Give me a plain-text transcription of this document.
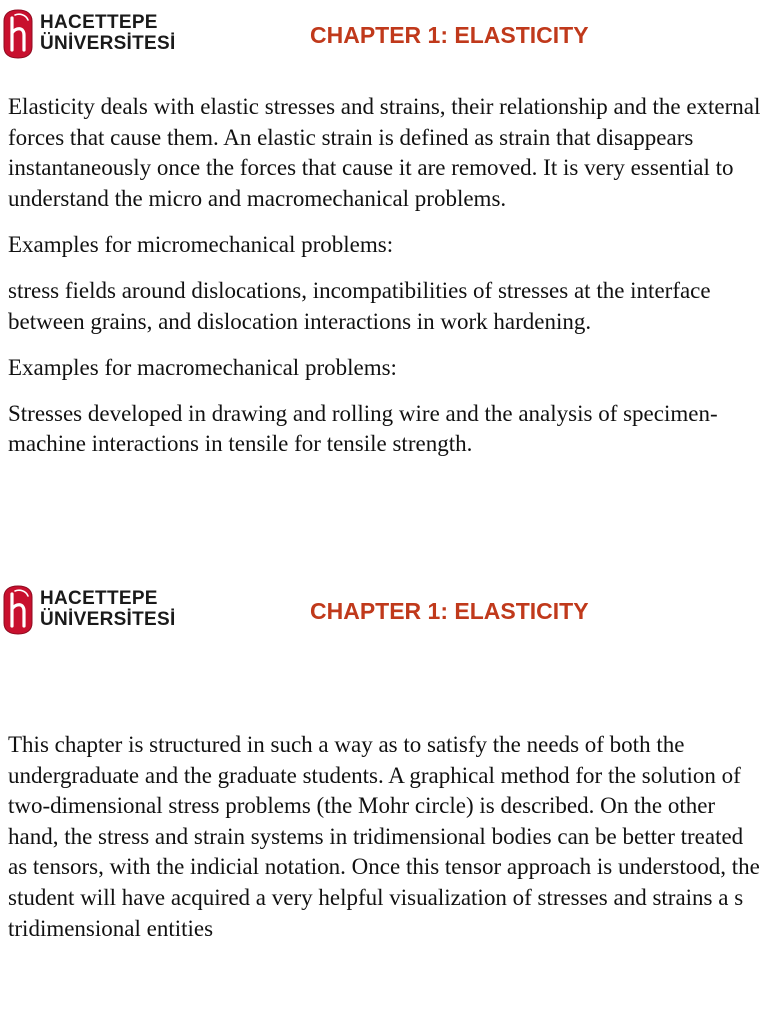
HACETTEPE
ÜNİVERSİTESİ	CHAPTER 1: ELASTICITY

Elasticity deals with elastic stresses and strains, their relationship and the external forces that cause them. An elastic strain is defined as strain that disappears instantaneously once the forces that cause it are removed. It is very essential to understand the micro and macromechanical problems.

Examples for micromechanical problems:

stress fields around dislocations, incompatibilities of stresses at the interface between grains, and dislocation interactions in work hardening.

Examples for macromechanical problems:

Stresses developed in drawing and rolling wire and the analysis of specimen-machine interactions in tensile for tensile strength.

HACETTEPE
ÜNİVERSİTESİ	CHAPTER 1: ELASTICITY

This chapter is structured in such a way as to satisfy the needs of both the undergraduate and the graduate students. A graphical method for the solution of two-dimensional stress problems (the Mohr circle) is described. On the other hand, the stress and strain systems in tridimensional bodies can be better treated as tensors, with the indicial notation. Once this tensor approach is understood, the student will have acquired a very helpful visualization of stresses and strains a s tridimensional entities
